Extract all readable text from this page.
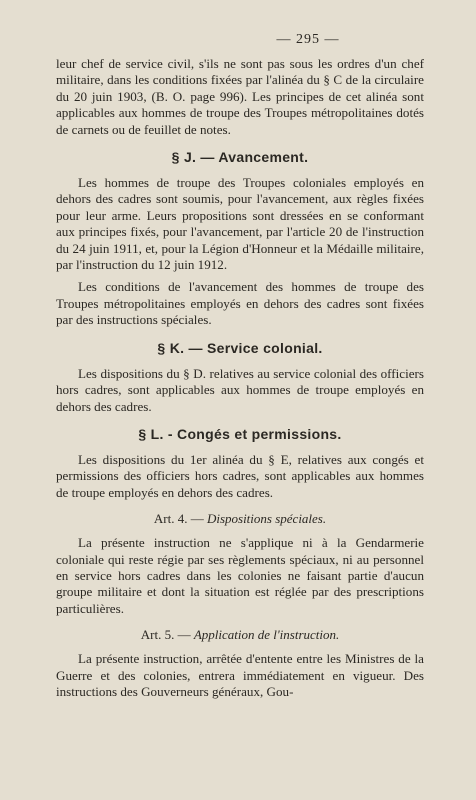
— 295 —

leur chef de service civil, s'ils ne sont pas sous les ordres d'un chef militaire, dans les conditions fixées par l'alinéa du § C de la circulaire du 20 juin 1903, (B. O. page 996). Les principes de cet alinéa sont applicables aux hommes de troupe des Troupes métropolitaines dotés de carnets ou de feuillet de notes.

§ J. — Avancement.

Les hommes de troupe des Troupes coloniales employés en dehors des cadres sont soumis, pour l'avancement, aux règles fixées pour leur arme. Leurs propositions sont dressées en se conformant aux principes fixés, pour l'avancement, par l'article 20 de l'instruction du 24 juin 1911, et, pour la Légion d'Honneur et la Médaille militaire, par l'instruction du 12 juin 1912.

Les conditions de l'avancement des hommes de troupe des Troupes métropolitaines employés en dehors des cadres sont fixées par des instructions spéciales.

§ K. — Service colonial.

Les dispositions du § D. relatives au service colonial des officiers hors cadres, sont applicables aux hommes de troupe employés en dehors des cadres.

§ L. - Congés et permissions.

Les dispositions du 1er alinéa du § E, relatives aux congés et permissions des officiers hors cadres, sont applicables aux hommes de troupe employés en dehors des cadres.

Art. 4. — Dispositions spéciales.

La présente instruction ne s'applique ni à la Gendarmerie coloniale qui reste régie par ses règlements spéciaux, ni au personnel en service hors cadres dans les colonies ne faisant partie d'aucun groupe militaire et dont la situation est réglée par des prescriptions particulières.

Art. 5. — Application de l'instruction.

La présente instruction, arrêtée d'entente entre les Ministres de la Guerre et des colonies, entrera immédiatement en vigueur. Des instructions des Gouverneurs généraux, Gou-
